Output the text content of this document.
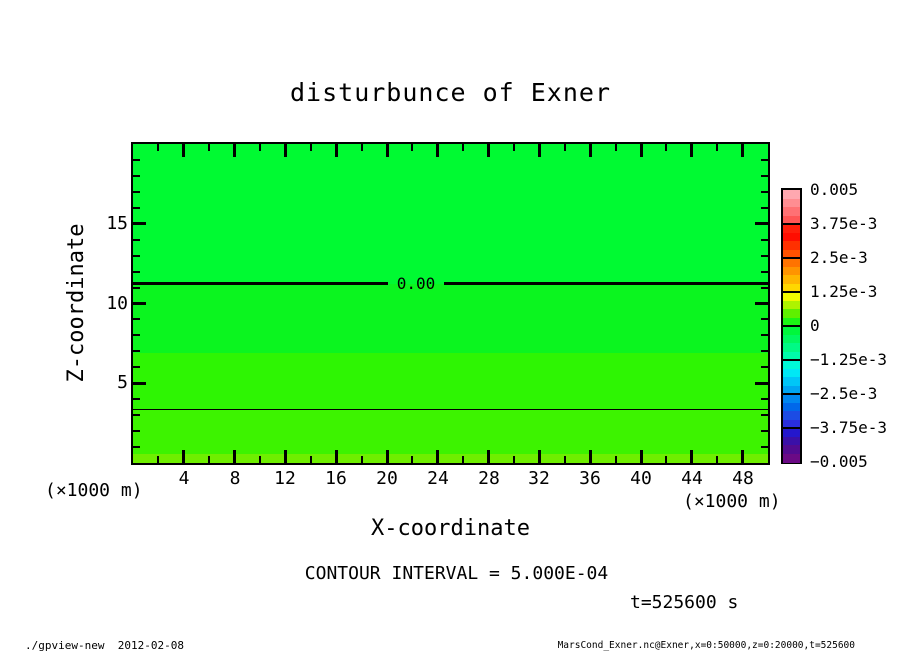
disturbunce of Exner
0.00
Z-coordinate
X-coordinate
(×1000 m)
(×1000 m)
CONTOUR INTERVAL = 5.000E-04
t=525600 s
./gpview-new  2012-02-08	MarsCond_Exner.nc@Exner,x=0:50000,z=0:20000,t=525600
4	8	12	16	20	24	28	32	36	40	44	48
5
10
15
0.005
3.75e-3
2.5e-3
1.25e-3
0
−1.25e-3
−2.5e-3
−3.75e-3
−0.005
